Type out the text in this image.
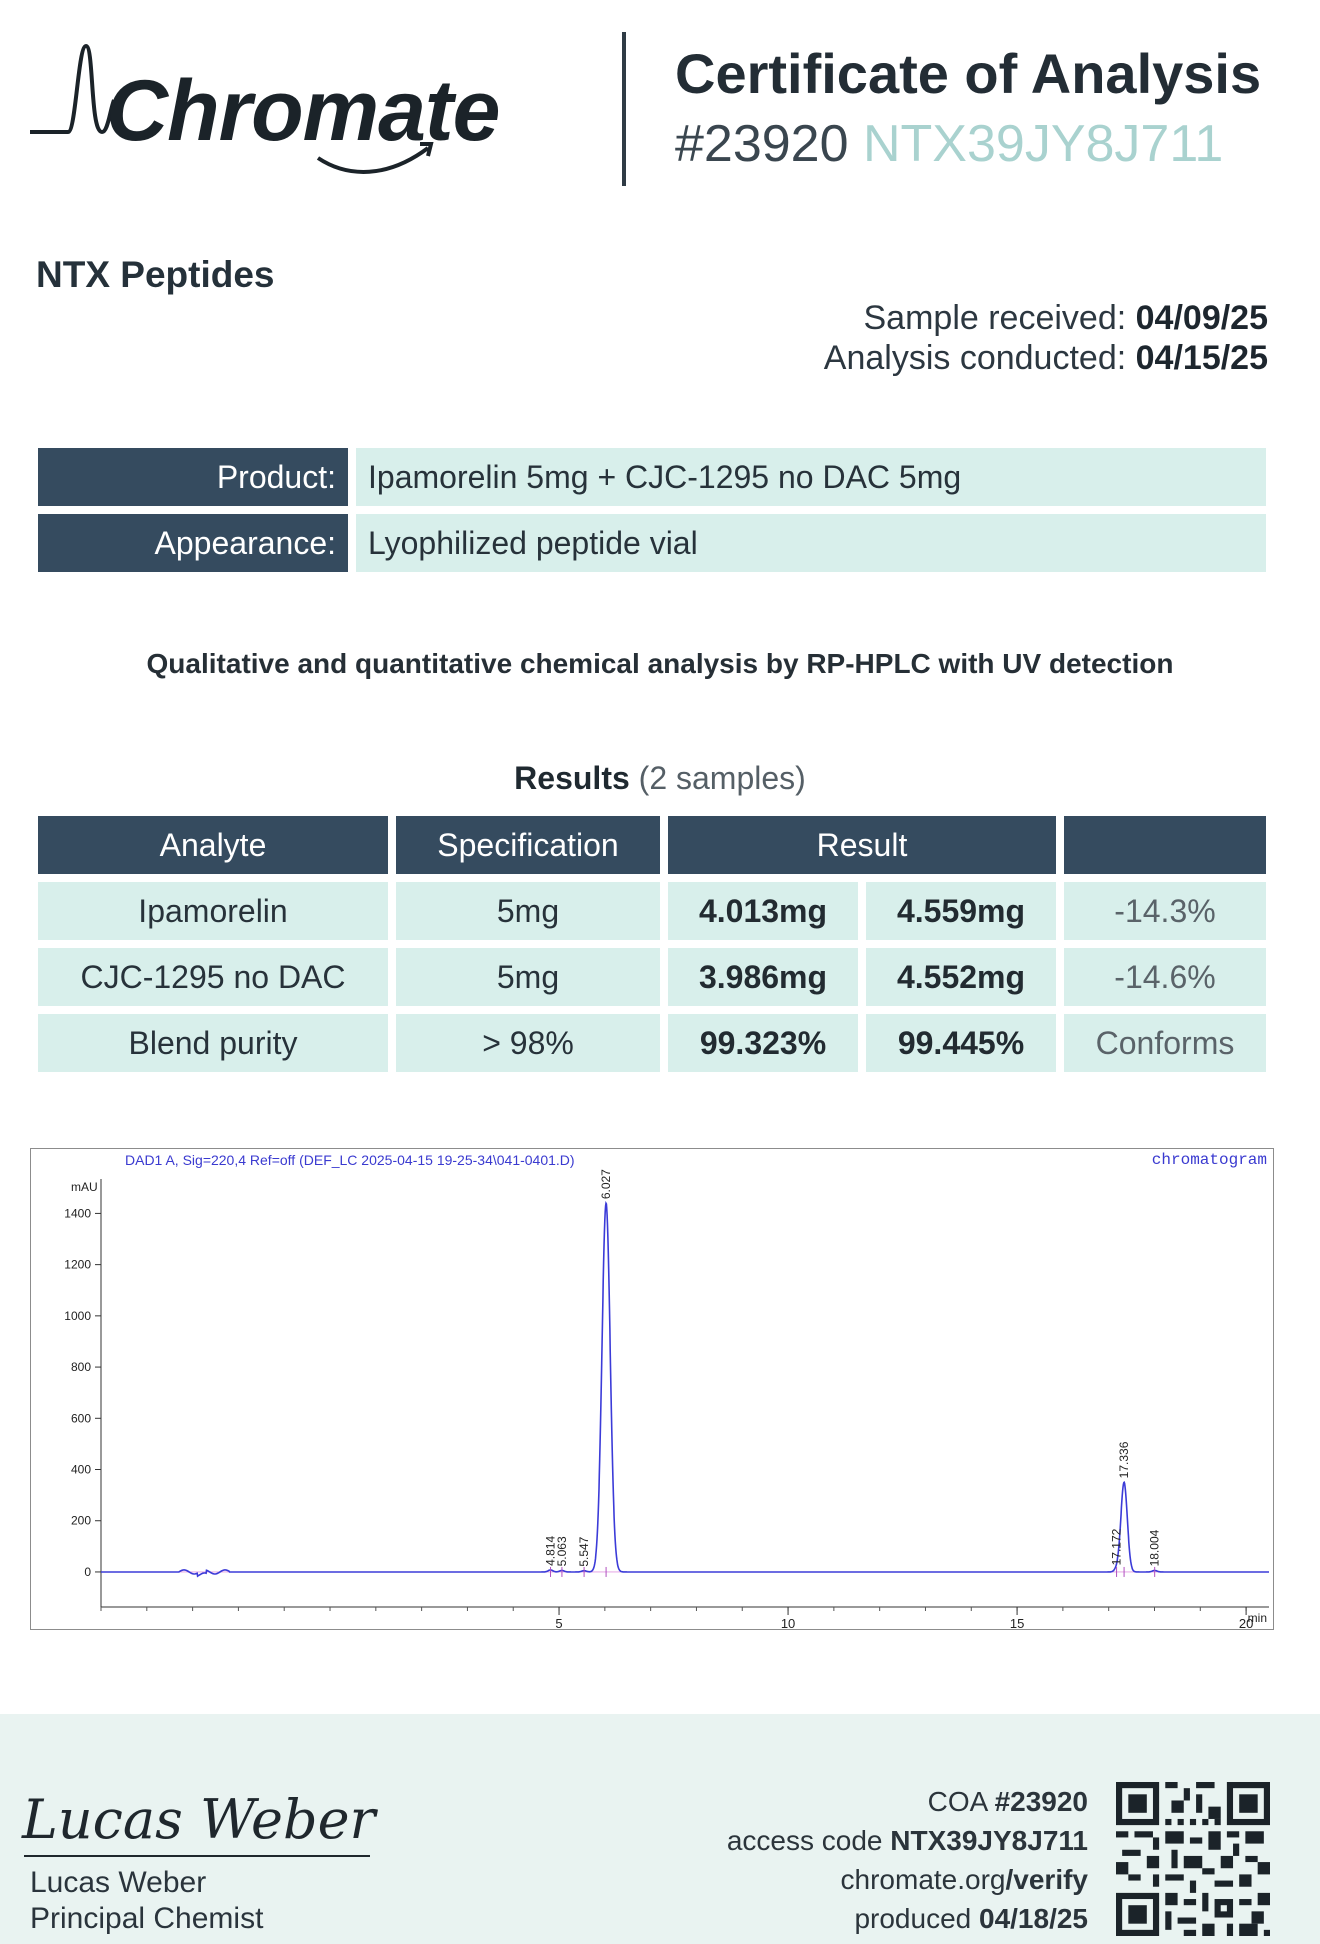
Chromate	Certificate of Analysis
#23920 NTX39JY8J711
NTX Peptides
Sample received: 04/09/25
Analysis conducted: 04/15/25
Product:	Ipamorelin 5mg + CJC-1295 no DAC 5mg
Appearance:	Lyophilized peptide vial
Qualitative and quantitative chemical analysis by RP-HPLC with UV detection
Results (2 samples)
Analyte	Specification	Result
Ipamorelin	5mg	4.013mg	4.559mg	-14.3%
CJC-1295 no DAC	5mg	3.986mg	4.552mg	-14.6%
Blend purity	> 98%	99.323%	99.445%	Conforms
DAD1 A, Sig=220,4 Ref=off (DEF_LC 2025-04-15 19-25-34\041-0401.D)	chromatogram
mAU
min
0
200
400
600
800
1000
1200
1400
5	10	15	20
4.814
5.063 5.547
6.027
17.172
17.336
18.004
Lucas Weber
Lucas Weber
Principal Chemist
COA #23920
access code NTX39JY8J711
chromate.org/verify
produced 04/18/25
